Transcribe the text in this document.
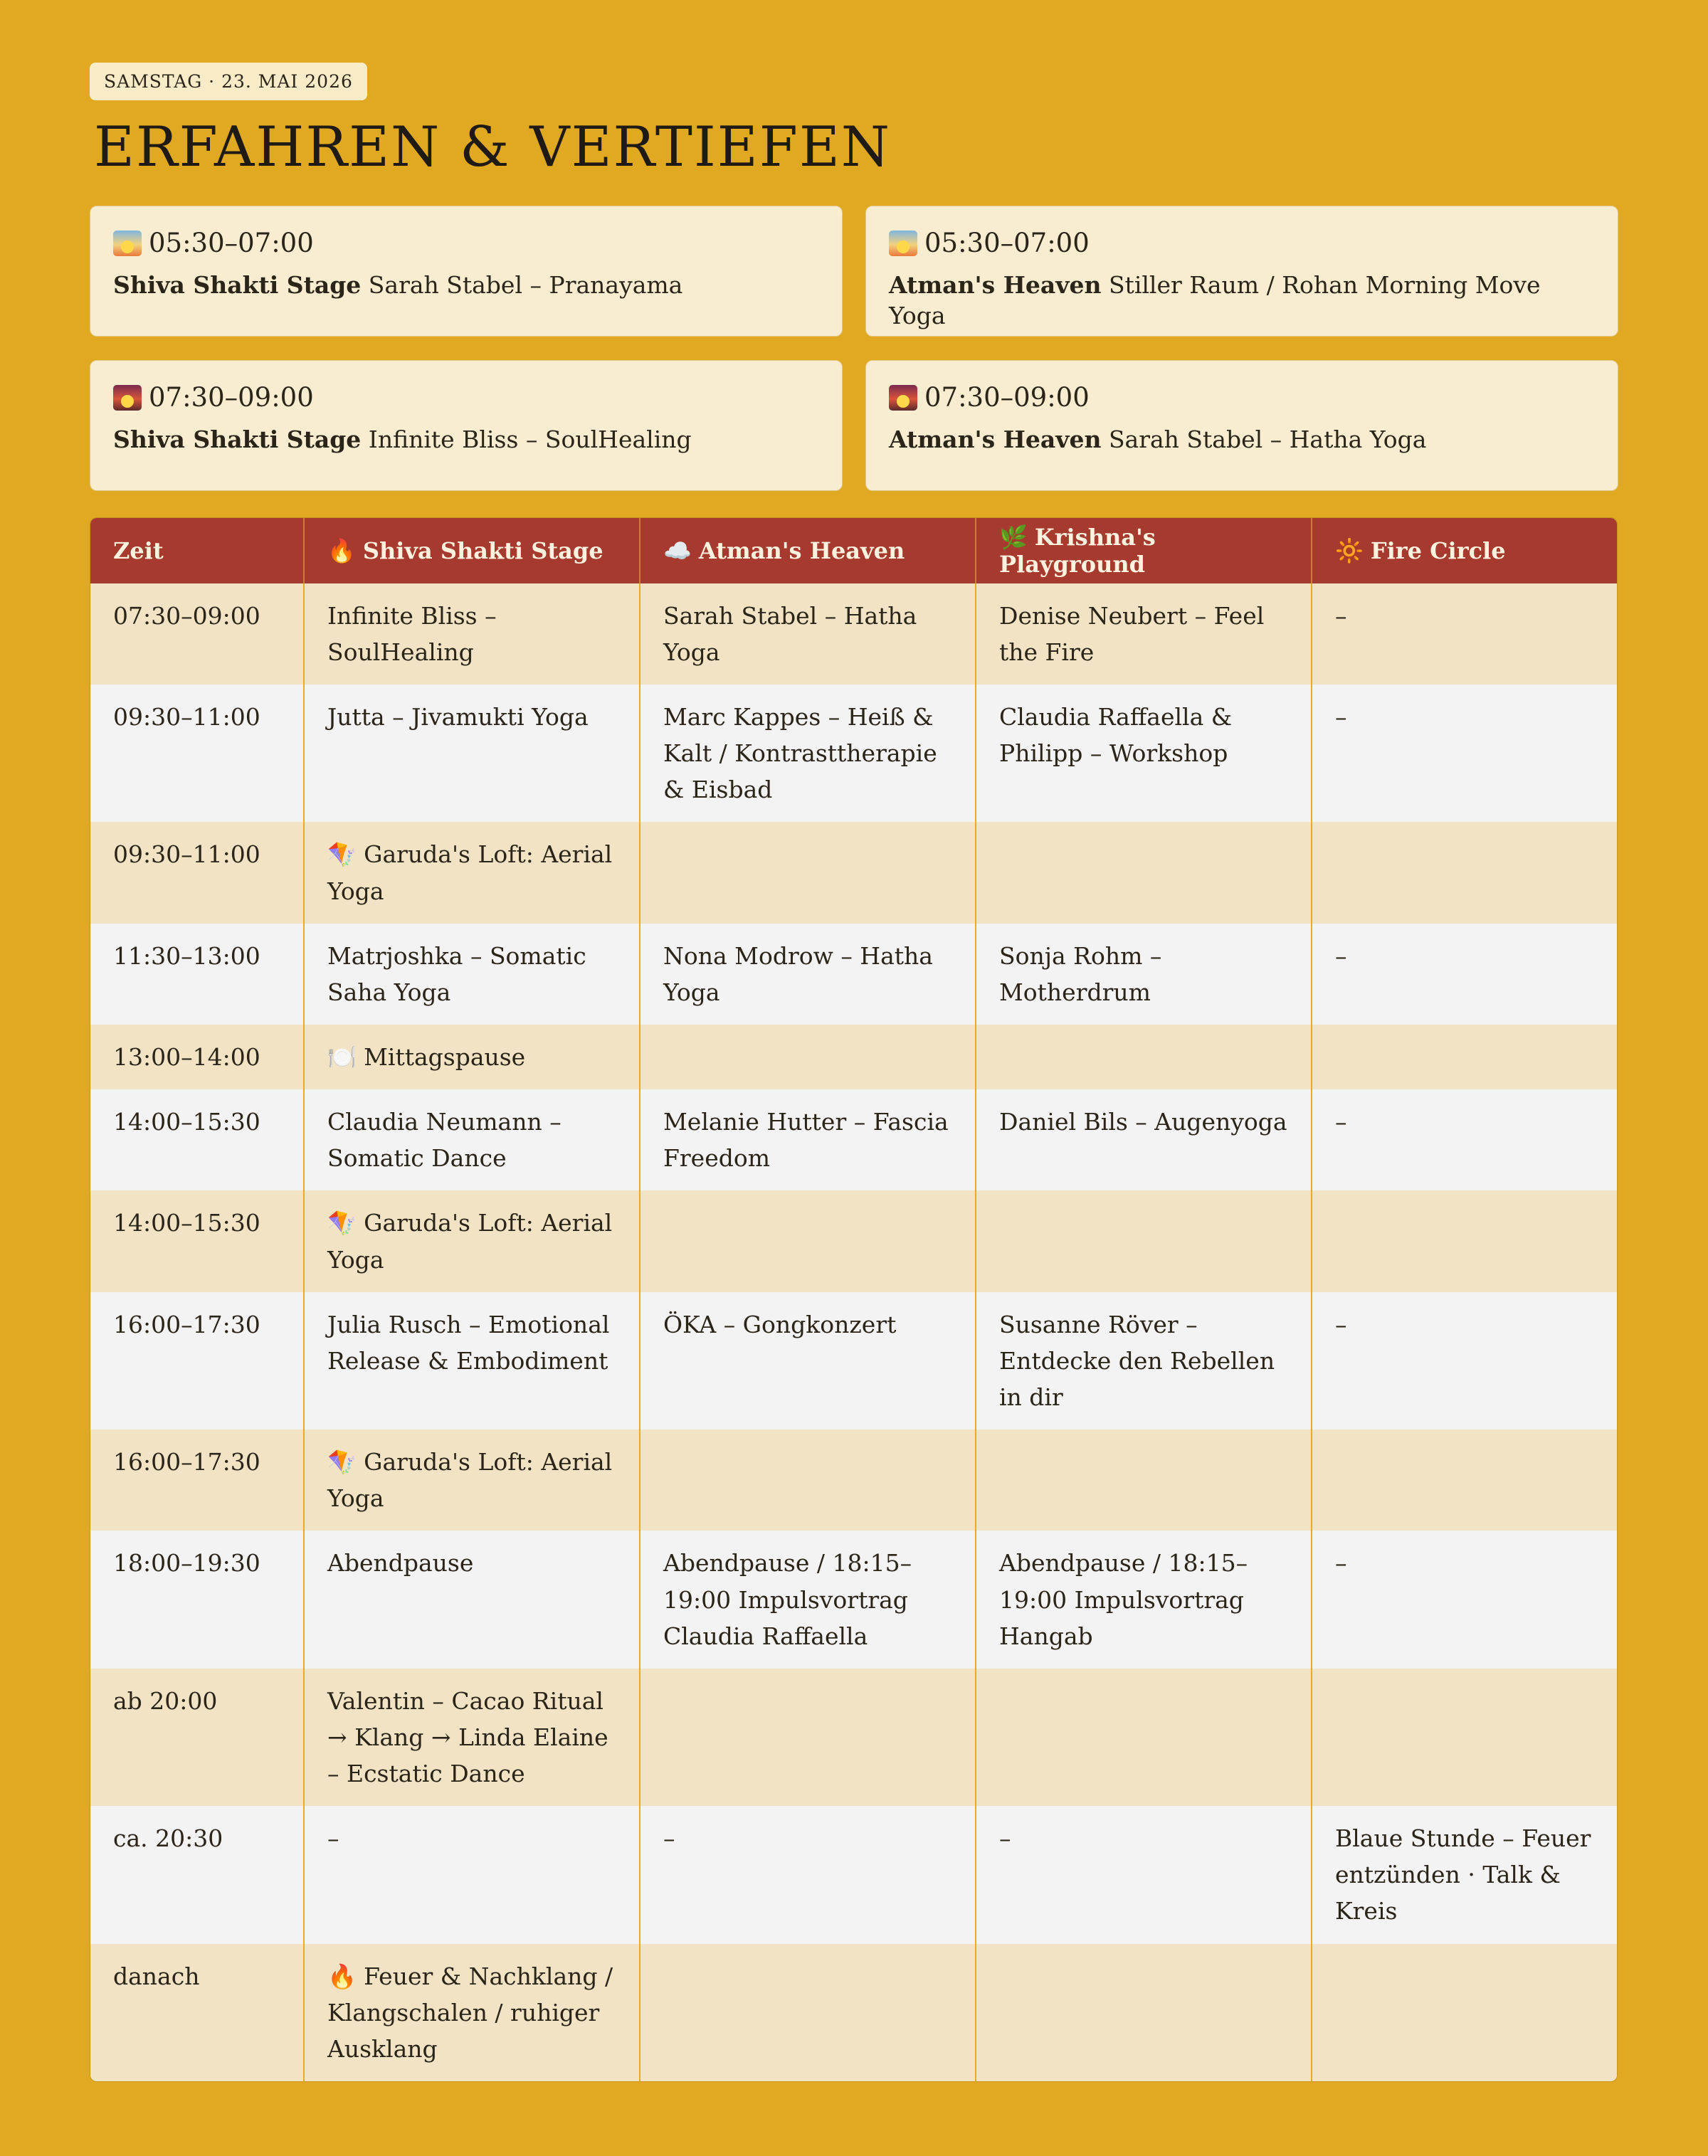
SAMSTAG · 23. MAI 2026
ERFAHREN & VERTIEFEN
05:30–07:00
Shiva Shakti Stage Sarah Stabel – Pranayama
05:30–07:00
Atman's Heaven Stiller Raum / Rohan Morning Move Yoga
07:30–09:00
Shiva Shakti Stage Infinite Bliss – SoulHealing
07:30–09:00
Atman's Heaven Sarah Stabel – Hatha Yoga
Zeit	🔥 Shiva Shakti Stage	☁️ Atman's Heaven	🌿 Krishna's Playground	🔆 Fire Circle
07:30–09:00	Infinite Bliss – SoulHealing	Sarah Stabel – Hatha Yoga	Denise Neubert – Feel the Fire	–
09:30–11:00	Jutta – Jivamukti Yoga	Marc Kappes – Heiß & Kalt / Kontrasttherapie & Eisbad	Claudia Raffaella & Philipp – Workshop	–
09:30–11:00	🪁 Garuda's Loft: Aerial Yoga			
11:30–13:00	Matrjoshka – Somatic Saha Yoga	Nona Modrow – Hatha Yoga	Sonja Rohm – Motherdrum	–
13:00–14:00	🍽️ Mittagspause			
14:00–15:30	Claudia Neumann – Somatic Dance	Melanie Hutter – Fascia Freedom	Daniel Bils – Augenyoga	–
14:00–15:30	🪁 Garuda's Loft: Aerial Yoga			
16:00–17:30	Julia Rusch – Emotional Release & Embodiment	ÖKA – Gongkonzert	Susanne Röver – Entdecke den Rebellen in dir	–
16:00–17:30	🪁 Garuda's Loft: Aerial Yoga			
18:00–19:30	Abendpause	Abendpause / 18:15–19:00 Impulsvortrag Claudia Raffaella	Abendpause / 18:15–19:00 Impulsvortrag Hangab	–
ab 20:00	Valentin – Cacao Ritual → Klang → Linda Elaine – Ecstatic Dance			
ca. 20:30	–	–	–	Blaue Stunde – Feuer entzünden · Talk & Kreis
danach	🔥 Feuer & Nachklang / Klangschalen / ruhiger Ausklang			
